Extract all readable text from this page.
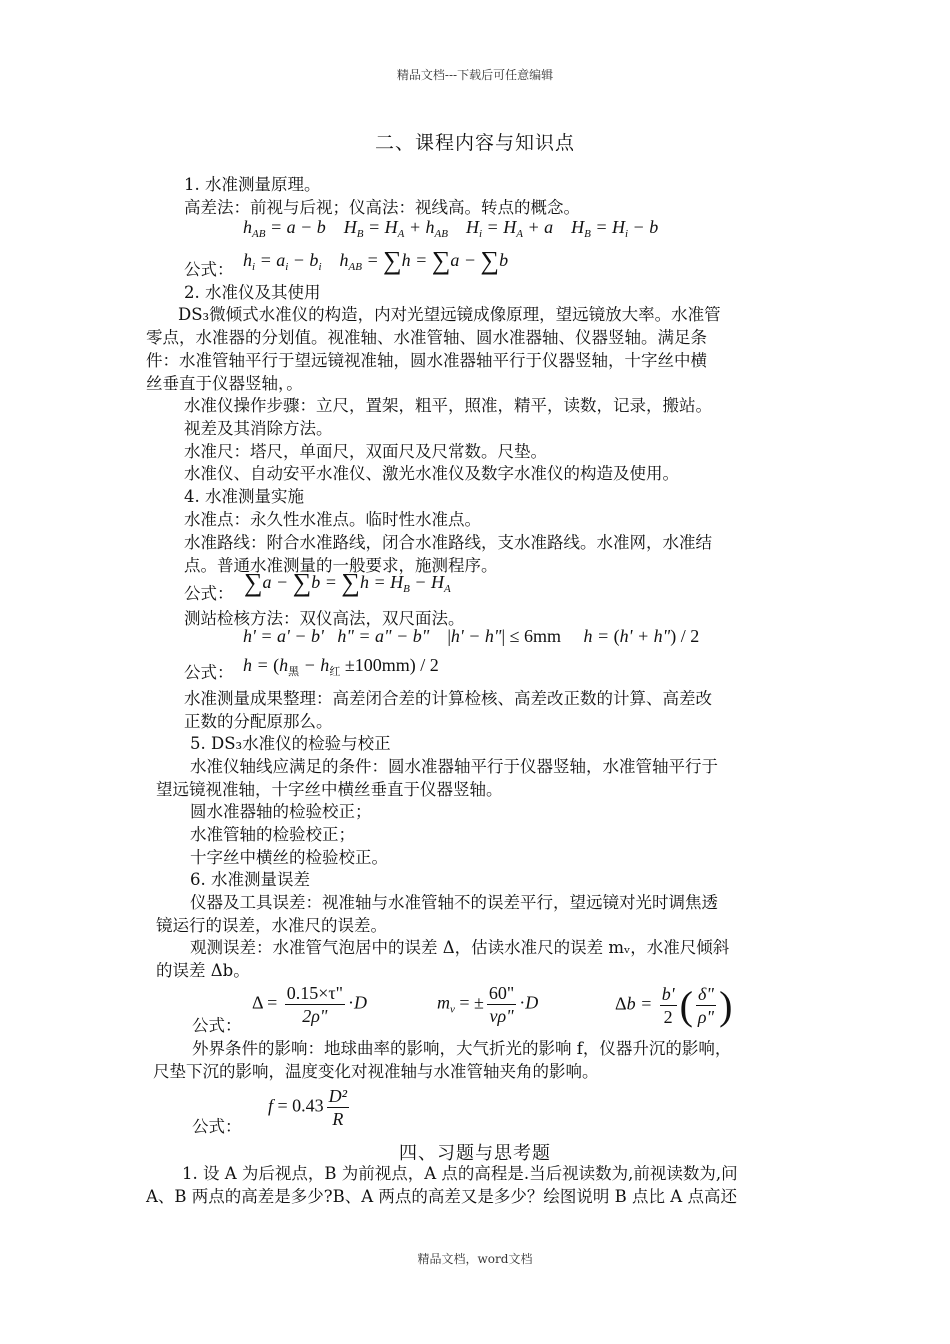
精品文档---下载后可任意编辑
精品文档，word文档
二、课程内容与知识点
1. 水准测量原理。
高差法：前视与后视；仪高法：视线高。转点的概念。
$h_{AB} = a - b$    $H_B = H_A + h_{AB}$    $H_i = H_A + a$    $H_B = H_i - b$
公式： $h_i = a_i - b_i$    $h_{AB} = \sum h = \sum a - \sum b$
2. 水准仪及其使用
DS₃微倾式水准仪的构造，内对光望远镜成像原理，望远镜放大率。水准管
零点，水准器的分划值。视准轴、水准管轴、圆水准器轴、仪器竖轴。满足条
件：水准管轴平行于望远镜视准轴，圆水准器轴平行于仪器竖轴，十字丝中横
丝垂直于仪器竖轴，。
水准仪操作步骤：立尺，置架，粗平，照准，精平，读数，记录，搬站。
视差及其消除方法。
水准尺：塔尺，单面尺，双面尺及尺常数。尺垫。
水准仪、自动安平水准仪、激光水准仪及数字水准仪的构造及使用。
4. 水准测量实施
水准点：永久性水准点。临时性水准点。
水准路线：附合水准路线，闭合水准路线，支水准路线。水准网，水准结
点。普通水准测量的一般要求，施测程序。
公式： $\sum a - \sum b = \sum h = H_B - H_A$
测站检核方法：双仪高法，双尺面法。
h' = a' − b'   h" = a" − b"    |h' − h"| ≤ 6mm     h = (h' + h") / 2
公式： $h = (h_黑 - h_红 \pm 100mm) / 2$
水准测量成果整理：高差闭合差的计算检核、高差改正数的计算、高差改
正数的分配原那么。
5. DS₃水准仪的检验与校正
水准仪轴线应满足的条件：圆水准器轴平行于仪器竖轴，水准管轴平行于
望远镜视准轴，十字丝中横丝垂直于仪器竖轴。
圆水准器轴的检验校正；
水准管轴的检验校正；
十字丝中横丝的检验校正。
6. 水准测量误差
仪器及工具误差：视准轴与水准管轴不的误差平行，望远镜对光时调焦透
镜运行的误差，水准尺的误差。
观测误差：水准管气泡居中的误差 Δ，估读水准尺的误差 mᵥ，水准尺倾斜
的误差 Δb。
$\Delta = \frac{0.15\times\tau"}{2\rho"} \cdot D$	$m_v$ = ± $\frac{60"}{v\rho"} \cdot D$	$\Delta b = \frac{b'}{2}$ ( $\frac{\delta"}{\rho"}$ )
公式：
外界条件的影响：地球曲率的影响，大气折光的影响 f，仪器升沉的影响，
尺垫下沉的影响，温度变化对视准轴与水准管轴夹角的影响。
$f = 0.43 \frac{\text{D²}}{R}$
公式：
四、习题与思考题
1. 设 A 为后视点，B 为前视点，A 点的高程是.当后视读数为,前视读数为,问
A、B 两点的高差是多少?B、A 两点的高差又是多少？绘图说明 B 点比 A 点高还
